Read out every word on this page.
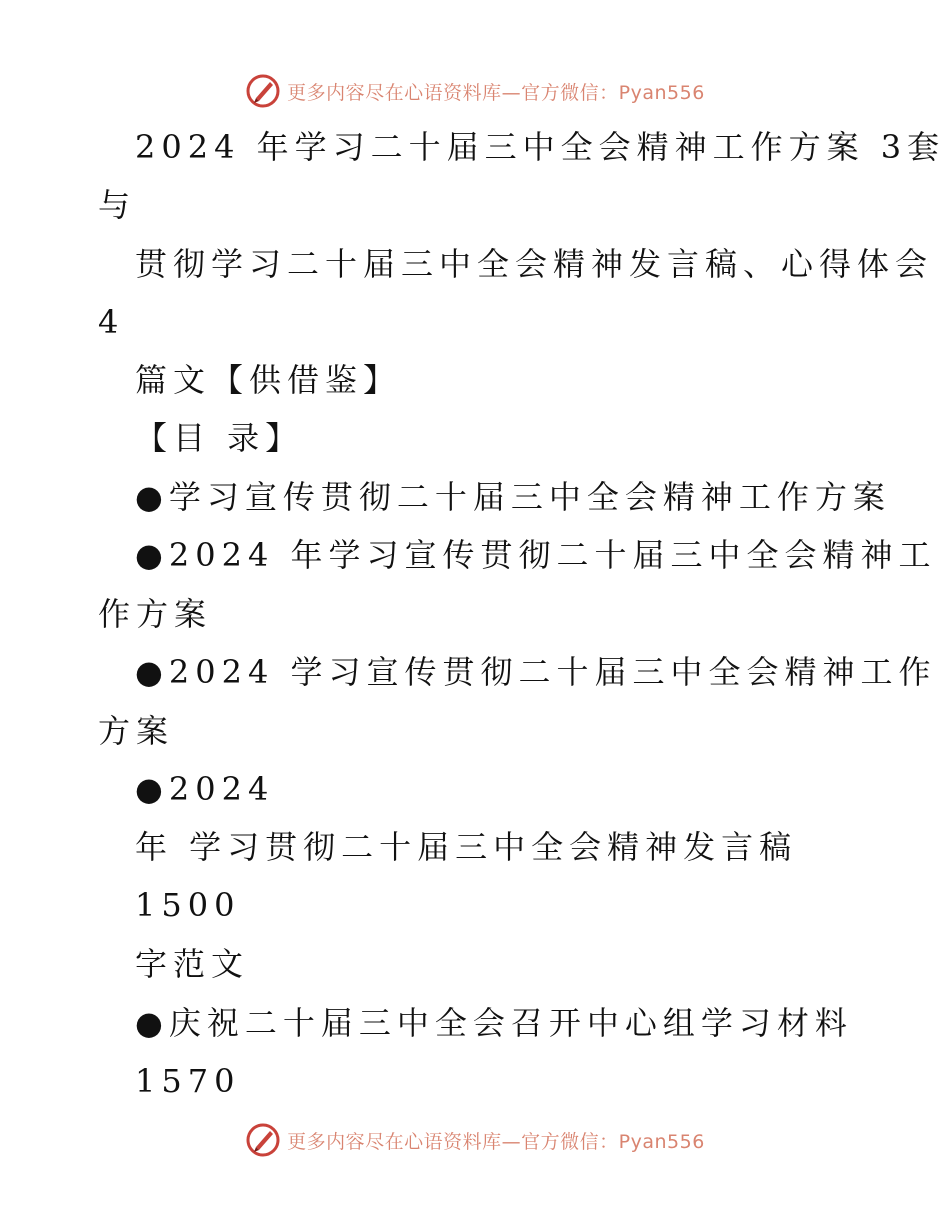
更多内容尽在心语资料库—官方微信：Pyan556
2024 年学习二十届三中全会精神工作方案 3套
与
贯彻学习二十届三中全会精神发言稿、心得体会
4
篇文【供借鉴】
【目 录】
●学习宣传贯彻二十届三中全会精神工作方案
●2024 年学习宣传贯彻二十届三中全会精神工
作方案
●2024 学习宣传贯彻二十届三中全会精神工作
方案
●2024
年 学习贯彻二十届三中全会精神发言稿
1500
字范文
●庆祝二十届三中全会召开中心组学习材料
1570
更多内容尽在心语资料库—官方微信：Pyan556
